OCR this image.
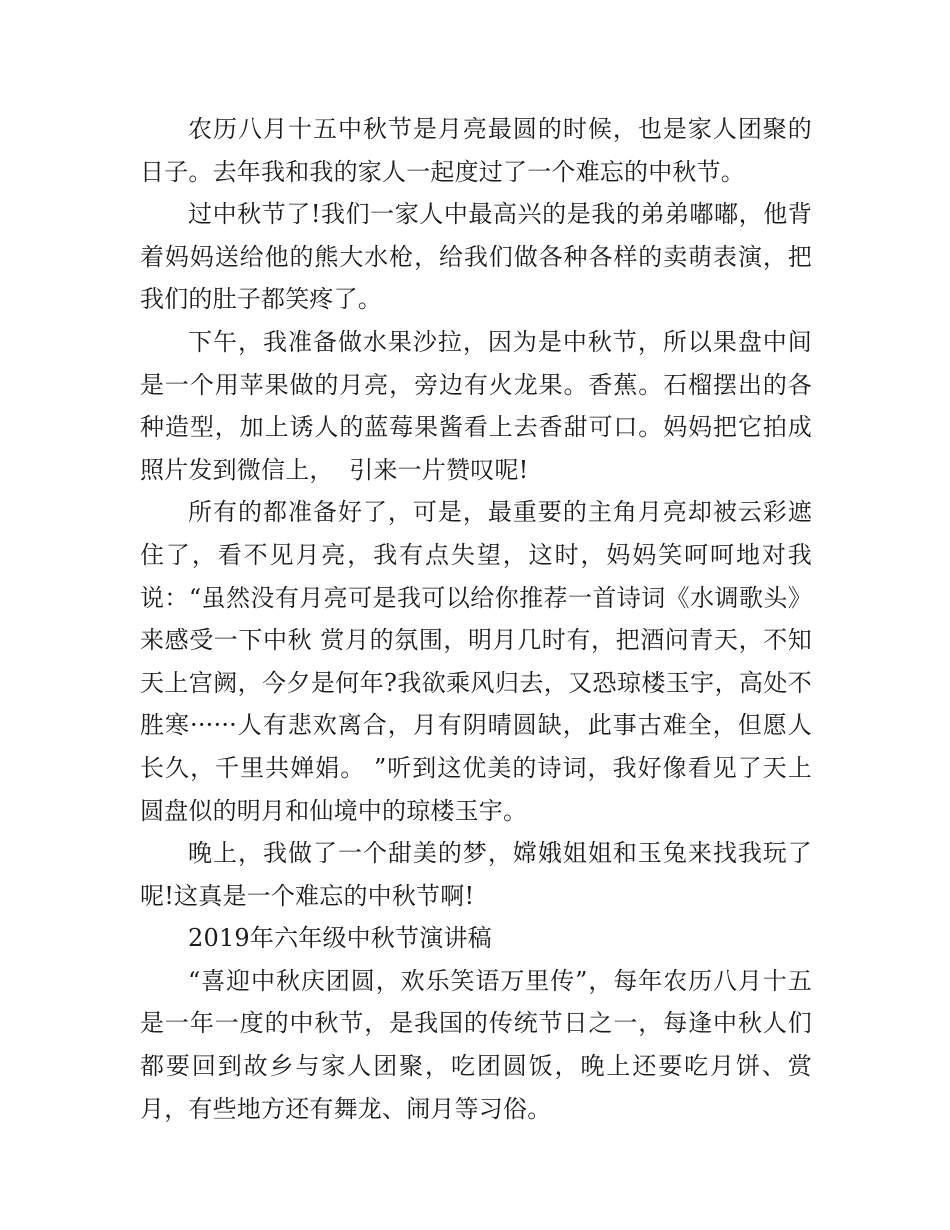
农历八月十五中秋节是月亮最圆的时候，也是家人团聚的日子。去年我和我的家人一起度过了一个难忘的中秋节。

过中秋节了!我们一家人中最高兴的是我的弟弟嘟嘟，他背着妈妈送给他的熊大水枪，给我们做各种各样的卖萌表演，把我们的肚子都笑疼了。

下午，我准备做水果沙拉，因为是中秋节，所以果盘中间是一个用苹果做的月亮，旁边有火龙果。香蕉。石榴摆出的各种造型，加上诱人的蓝莓果酱看上去香甜可口。妈妈把它拍成照片发到微信上，  引来一片赞叹呢!

所有的都准备好了，可是，最重要的主角月亮却被云彩遮住了，看不见月亮，我有点失望，这时，妈妈笑呵呵地对我说：“虽然没有月亮可是我可以给你推荐一首诗词《水调歌头》来感受一下中秋 赏月的氛围，明月几时有，把酒问青天，不知天上宫阙，今夕是何年?我欲乘风归去，又恐琼楼玉宇，高处不胜寒······人有悲欢离合，月有阴晴圆缺，此事古难全，但愿人长久，千里共婵娟。 ”听到这优美的诗词，我好像看见了天上圆盘似的明月和仙境中的琼楼玉宇。

晚上，我做了一个甜美的梦，嫦娥姐姐和玉兔来找我玩了呢!这真是一个难忘的中秋节啊!

2019年六年级中秋节演讲稿

“喜迎中秋庆团圆，欢乐笑语万里传”，每年农历八月十五是一年一度的中秋节，是我国的传统节日之一，每逢中秋人们都要回到故乡与家人团聚，吃团圆饭，晚上还要吃月饼、赏月，有些地方还有舞龙、闹月等习俗。
